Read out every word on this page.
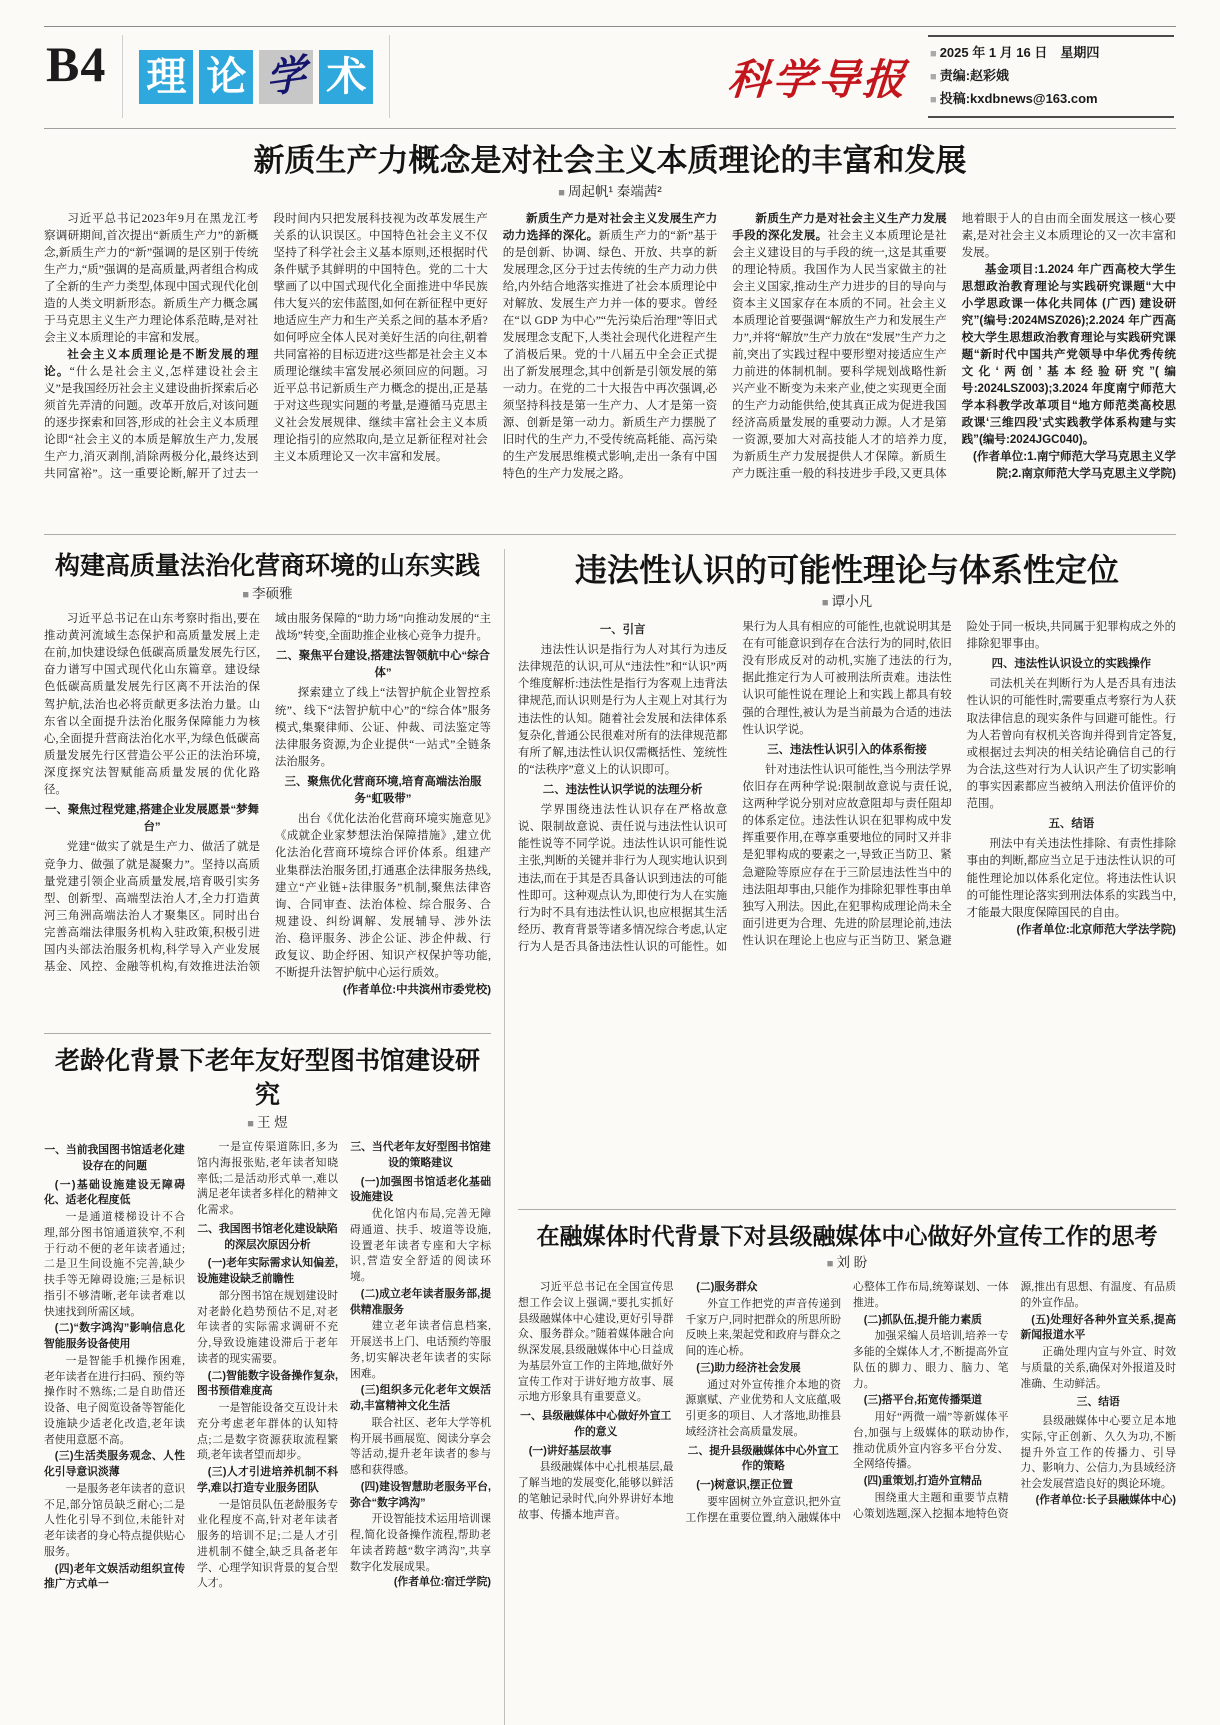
B4 理 论 学 术	科学导报
■ 2025 年 1 月 16 日　星期四
■ 责编:赵彩娥
■ 投稿:kxdbnews@163.com
新质生产力概念是对社会主义本质理论的丰富和发展
■ 周起帆¹ 秦端茜²

习近平总书记2023年9月在黑龙江考察调研期间,首次提出“新质生产力”的新概念,新质生产力的“新”强调的是区别于传统生产力,“质”强调的是高质量,两者组合构成了全新的生产力类型,体现中国式现代化创造的人类文明新形态。新质生产力概念属于马克思主义生产力理论体系范畴,是对社会主义本质理论的丰富和发展。

社会主义本质理论是不断发展的理论。“什么是社会主义,怎样建设社会主义”是我国经历社会主义建设曲折探索后必须首先弄清的问题。改革开放后,对该问题的逐步探索和回答,形成的社会主义本质理论即“社会主义的本质是解放生产力,发展生产力,消灭剥削,消除两极分化,最终达到共同富裕”。这一重要论断,解开了过去一段时间内只把发展科技视为改革发展生产关系的认识误区。中国特色社会主义不仅坚持了科学社会主义基本原则,还根据时代条件赋予其鲜明的中国特色。党的二十大擘画了以中国式现代化全面推进中华民族伟大复兴的宏伟蓝图,如何在新征程中更好地适应生产力和生产关系之间的基本矛盾?如何呼应全体人民对美好生活的向往,朝着共同富裕的目标迈进?这些都是社会主义本质理论继续丰富发展必须回应的问题。习近平总书记新质生产力概念的提出,正是基于对这些现实问题的考量,是遵循马克思主义社会发展规律、继续丰富社会主义本质理论指引的应然取向,是立足新征程对社会主义本质理论又一次丰富和发展。

新质生产力是对社会主义发展生产力动力选择的深化。新质生产力的“新”基于的是创新、协调、绿色、开放、共享的新发展理念,区分于过去传统的生产力动力供给,内外结合地落实推进了社会本质理论中对解放、发展生产力并一体的要求。曾经在“以 GDP 为中心”“先污染后治理”等旧式发展理念支配下,人类社会现代化进程产生了消极后果。党的十八届五中全会正式提出了新发展理念,其中创新是引领发展的第一动力。在党的二十大报告中再次强调,必须坚持科技是第一生产力、人才是第一资源、创新是第一动力。新质生产力摆脱了旧时代的生产力,不受传统高耗能、高污染的生产发展思维模式影响,走出一条有中国特色的生产力发展之路。

新质生产力是对社会主义生产力发展手段的深化发展。社会主义本质理论是社会主义建设目的与手段的统一,这是其重要的理论特质。我国作为人民当家做主的社会主义国家,推动生产力进步的目的导向与资本主义国家存在本质的不同。社会主义本质理论首要强调“解放生产力和发展生产力”,并将“解放”生产力放在“发展”生产力之前,突出了实践过程中要形塑对接适应生产力前进的体制机制。要科学规划战略性新兴产业不断变为未来产业,使之实现更全面的生产力动能供给,使其真正成为促进我国经济高质量发展的重要动力源。人才是第一资源,要加大对高技能人才的培养力度,为新质生产力发展提供人才保障。新质生产力既注重一般的科技进步手段,又更具体地着眼于人的自由而全面发展这一核心要素,是对社会主义本质理论的又一次丰富和发展。

基金项目:1.2024 年广西高校大学生思想政治教育理论与实践研究课题“大中小学思政课一体化共同体 (广西) 建设研究”(编号:2024MSZ026);2.2024 年广西高校大学生思想政治教育理论与实践研究课题“新时代中国共产党领导中华优秀传统文化‘两创’基本经验研究”(编号:2024LSZ003);3.2024 年度南宁师范大学本科教学改革项目“地方师范类高校思政课‘三维四段’式实践教学体系构建与实践”(编号:2024JGC040)。

(作者单位:1.南宁师范大学马克思主义学院;2.南京师范大学马克思主义学院)

构建高质量法治化营商环境的山东实践
■ 李硕雅

习近平总书记在山东考察时指出,要在推动黄河流域生态保护和高质量发展上走在前,加快建设绿色低碳高质量发展先行区,奋力谱写中国式现代化山东篇章。建设绿色低碳高质量发展先行区离不开法治的保驾护航,法治也必将贡献更多法治力量。山东省以全面提升法治化服务保障能力为核心,全面提升营商法治化水平,为绿色低碳高质量发展先行区营造公平公正的法治环境,深度探究法智赋能高质量发展的优化路径。

一、聚焦过程党建,搭建企业发展愿景“梦舞台”

党建“做实了就是生产力、做活了就是竞争力、做强了就是凝聚力”。坚持以高质量党建引领企业高质量发展,培育吸引实务型、创新型、高端型法治人才,全力打造黄河三角洲高端法治人才聚集区。同时出台完善高端法律服务机构入驻政策,积极引进国内头部法治服务机构,科学导入产业发展基金、风控、金融等机构,有效推进法治领域由服务保障的“助力场”向推动发展的“主战场”转变,全面助推企业核心竞争力提升。

二、聚焦平台建设,搭建法智领航中心“综合体”

探索建立了线上“法智护航企业智控系统”、线下“法智护航中心”的“综合体”服务模式,集聚律师、公证、仲裁、司法鉴定等法律服务资源,为企业提供“一站式”全链条法治服务。

三、聚焦优化营商环境,培育高端法治服务“虹吸带”

出台《优化法治化营商环境实施意见》《成就企业家梦想法治保障措施》,建立优化法治化营商环境综合评价体系。组建产业集群法治服务团,打通惠企法律服务热线,建立“产业链+法律服务”机制,聚焦法律咨询、合同审查、法治体检、综合服务、合规建设、纠纷调解、发展辅导、涉外法治、稳评服务、涉企公证、涉企仲裁、行政复议、助企纾困、知识产权保护等功能,不断提升法智护航中心运行质效。

(作者单位:中共滨州市委党校)

老龄化背景下老年友好型图书馆建设研究
■ 王 煜

一、当前我国图书馆适老化建设存在的问题

(一)基础设施建设无障碍化、适老化程度低

一是通道楼梯设计不合理,部分图书馆通道狭窄,不利于行动不便的老年读者通过;二是卫生间设施不完善,缺少扶手等无障碍设施;三是标识指引不够清晰,老年读者难以快速找到所需区域。

(二)“数字鸿沟”影响信息化智能服务设备使用

一是智能手机操作困难,老年读者在进行扫码、预约等操作时不熟练;二是自助借还设备、电子阅览设备等智能化设施缺少适老化改造,老年读者使用意愿不高。

(三)生活类服务观念、人性化引导意识淡薄

一是服务老年读者的意识不足,部分馆员缺乏耐心;二是人性化引导不到位,未能针对老年读者的身心特点提供贴心服务。

(四)老年文娱活动组织宣传推广方式单一

一是宣传渠道陈旧,多为馆内海报张贴,老年读者知晓率低;二是活动形式单一,难以满足老年读者多样化的精神文化需求。

二、我国图书馆老化建设缺陷的深层次原因分析

(一)老年实际需求认知偏差,设施建设缺乏前瞻性

部分图书馆在规划建设时对老龄化趋势预估不足,对老年读者的实际需求调研不充分,导致设施建设滞后于老年读者的现实需要。

(二)智能数字设备操作复杂,图书预借难度高

一是智能设备交互设计未充分考虑老年群体的认知特点;二是数字资源获取流程繁琐,老年读者望而却步。

(三)人才引进培养机制不科学,难以打造专业服务团队

一是馆员队伍老龄服务专业化程度不高,针对老年读者服务的培训不足;二是人才引进机制不健全,缺乏具备老年学、心理学知识背景的复合型人才。

三、当代老年友好型图书馆建设的策略建议

(一)加强图书馆适老化基础设施建设

优化馆内布局,完善无障碍通道、扶手、坡道等设施,设置老年读者专座和大字标识,营造安全舒适的阅读环境。

(二)成立老年读者服务部,提供精准服务

建立老年读者信息档案,开展送书上门、电话预约等服务,切实解决老年读者的实际困难。

(三)组织多元化老年文娱活动,丰富精神文化生活

联合社区、老年大学等机构开展书画展览、阅读分享会等活动,提升老年读者的参与感和获得感。

(四)建设智慧助老服务平台,弥合“数字鸿沟”

开设智能技术运用培训课程,简化设备操作流程,帮助老年读者跨越“数字鸿沟”,共享数字化发展成果。

(作者单位:宿迁学院)

违法性认识的可能性理论与体系性定位
■ 谭小凡

一、引言

违法性认识是指行为人对其行为违反法律规范的认识,可从“违法性”和“认识”两个维度解析:违法性是指行为客观上违背法律规范,而认识则是行为人主观上对其行为违法性的认知。随着社会发展和法律体系复杂化,普通公民很难对所有的法律规范都有所了解,违法性认识仅需概括性、笼统性的“法秩序”意义上的认识即可。

二、违法性认识学说的法理分析

学界围绕违法性认识存在严格故意说、限制故意说、责任说与违法性认识可能性说等不同学说。违法性认识可能性说主张,判断的关键并非行为人现实地认识到违法,而在于其是否具备认识到违法的可能性即可。这种观点认为,即使行为人在实施行为时不具有违法性认识,也应根据其生活经历、教育背景等诸多情况综合考虑,认定行为人是否具备违法性认识的可能性。如果行为人具有相应的可能性,也就说明其是在有可能意识到存在合法行为的同时,依旧没有形成反对的动机,实施了违法的行为,据此推定行为人可被刑法所责难。违法性认识可能性说在理论上和实践上都具有较强的合理性,被认为是当前最为合适的违法性认识学说。

三、违法性认识引入的体系衔接

针对违法性认识可能性,当今刑法学界依旧存在两种学说:限制故意说与责任说,这两种学说分别对应故意阻却与责任阻却的体系定位。违法性认识在犯罪构成中发挥重要作用,在尊享重要地位的同时又并非是犯罪构成的要素之一,导致正当防卫、紧急避险等原应存在于三阶层违法性当中的违法阻却事由,只能作为排除犯罪性事由单独写入刑法。因此,在犯罪构成理论尚未全面引进更为合理、先进的阶层理论前,违法性认识在理论上也应与正当防卫、紧急避险处于同一板块,共同属于犯罪构成之外的排除犯罪事由。

四、违法性认识设立的实践操作

司法机关在判断行为人是否具有违法性认识的可能性时,需要重点考察行为人获取法律信息的现实条件与回避可能性。行为人若曾向有权机关咨询并得到肯定答复,或根据过去判决的相关结论确信自己的行为合法,这些对行为人认识产生了切实影响的事实因素都应当被纳入刑法价值评价的范围。

五、结语

刑法中有关违法性排除、有责性排除事由的判断,都应当立足于违法性认识的可能性理论加以体系化定位。将违法性认识的可能性理论落实到刑法体系的实践当中,才能最大限度保障国民的自由。

(作者单位:北京师范大学法学院)

在融媒体时代背景下对县级融媒体中心做好外宣传工作的思考
■ 刘 盼

习近平总书记在全国宣传思想工作会议上强调,“要扎实抓好县级融媒体中心建设,更好引导群众、服务群众。”随着媒体融合向纵深发展,县级融媒体中心日益成为基层外宣工作的主阵地,做好外宣传工作对于讲好地方故事、展示地方形象具有重要意义。

一、县级融媒体中心做好外宣工作的意义

(一)讲好基层故事

县级融媒体中心扎根基层,最了解当地的发展变化,能够以鲜活的笔触记录时代,向外界讲好本地故事、传播本地声音。

(二)服务群众

外宣工作把党的声音传递到千家万户,同时把群众的所思所盼反映上来,架起党和政府与群众之间的连心桥。

(三)助力经济社会发展

通过对外宣传推介本地的资源禀赋、产业优势和人文底蕴,吸引更多的项目、人才落地,助推县域经济社会高质量发展。

二、提升县级融媒体中心外宣工作的策略

(一)树意识,摆正位置

要牢固树立外宣意识,把外宣工作摆在重要位置,纳入融媒体中心整体工作布局,统筹谋划、一体推进。

(二)抓队伍,提升能力素质

加强采编人员培训,培养一专多能的全媒体人才,不断提高外宣队伍的脚力、眼力、脑力、笔力。

(三)搭平台,拓宽传播渠道

用好“两微一端”等新媒体平台,加强与上级媒体的联动协作,推动优质外宣内容多平台分发、全网络传播。

(四)重策划,打造外宣精品

围绕重大主题和重要节点精心策划选题,深入挖掘本地特色资源,推出有思想、有温度、有品质的外宣作品。

(五)处理好各种外宣关系,提高新闻报道水平

正确处理内宣与外宣、时效与质量的关系,确保对外报道及时准确、生动鲜活。

三、结语

县级融媒体中心要立足本地实际,守正创新、久久为功,不断提升外宣工作的传播力、引导力、影响力、公信力,为县域经济社会发展营造良好的舆论环境。

(作者单位:长子县融媒体中心)
